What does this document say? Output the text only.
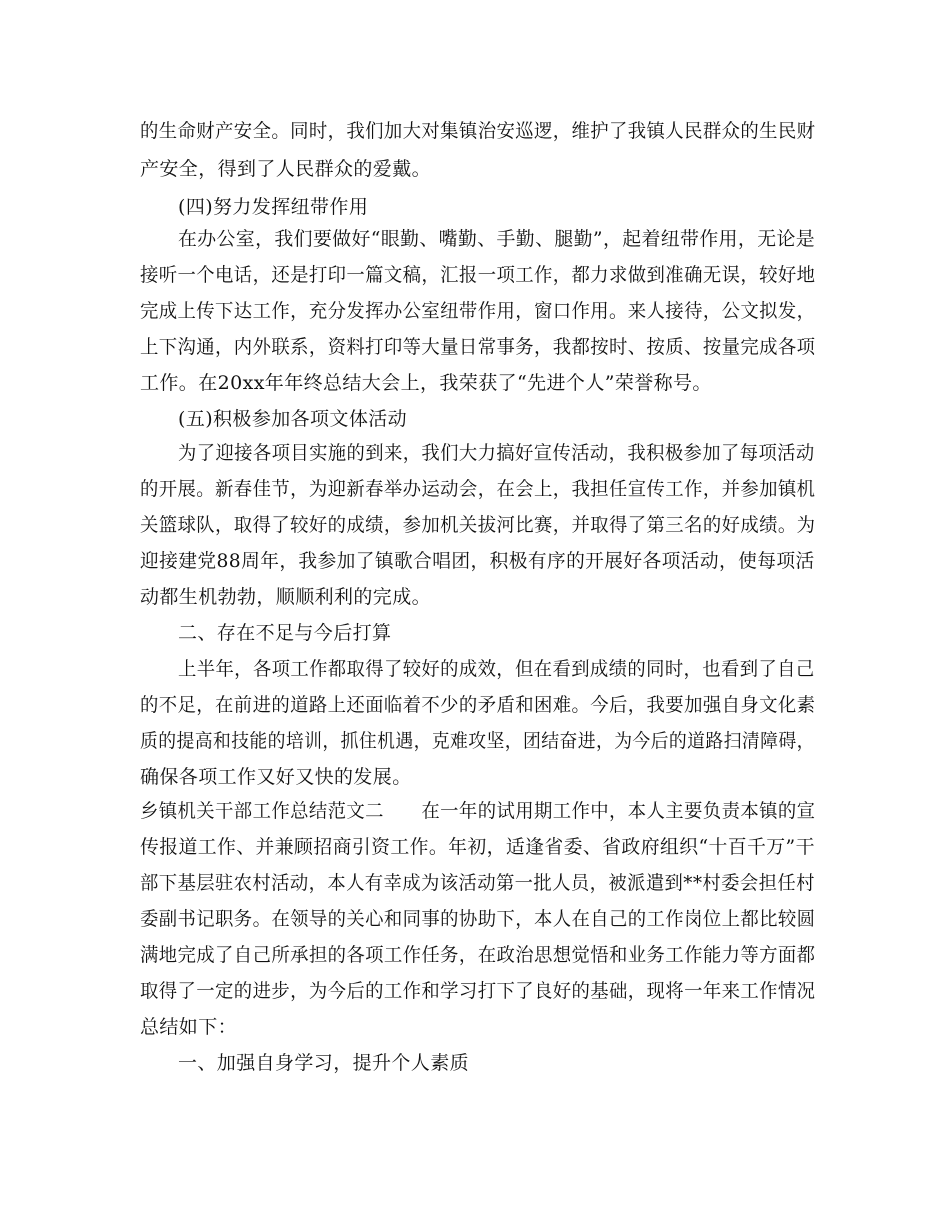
的生命财产安全。同时，我们加大对集镇治安巡逻，维护了我镇人民群众的生民财
产安全，得到了人民群众的爱戴。
(四)努力发挥纽带作用
在办公室，我们要做好“眼勤、嘴勤、手勤、腿勤”，起着纽带作用，无论是
接听一个电话，还是打印一篇文稿，汇报一项工作，都力求做到准确无误，较好地
完成上传下达工作，充分发挥办公室纽带作用，窗口作用。来人接待，公文拟发，
上下沟通，内外联系，资料打印等大量日常事务，我都按时、按质、按量完成各项
工作。在20xx年年终总结大会上，我荣获了“先进个人”荣誉称号。
(五)积极参加各项文体活动
为了迎接各项目实施的到来，我们大力搞好宣传活动，我积极参加了每项活动
的开展。新春佳节，为迎新春举办运动会，在会上，我担任宣传工作，并参加镇机
关篮球队，取得了较好的成绩，参加机关拔河比赛，并取得了第三名的好成绩。为
迎接建党88周年，我参加了镇歌合唱团，积极有序的开展好各项活动，使每项活
动都生机勃勃，顺顺利利的完成。
二、存在不足与今后打算
上半年，各项工作都取得了较好的成效，但在看到成绩的同时，也看到了自己
的不足，在前进的道路上还面临着不少的矛盾和困难。今后，我要加强自身文化素
质的提高和技能的培训，抓住机遇，克难攻坚，团结奋进，为今后的道路扫清障碍，
确保各项工作又好又快的发展。
乡镇机关干部工作总结范文二　　在一年的试用期工作中，本人主要负责本镇的宣
传报道工作、并兼顾招商引资工作。年初，适逢省委、省政府组织“十百千万”干
部下基层驻农村活动，本人有幸成为该活动第一批人员，被派遣到**村委会担任村
委副书记职务。在领导的关心和同事的协助下，本人在自己的工作岗位上都比较圆
满地完成了自己所承担的各项工作任务，在政治思想觉悟和业务工作能力等方面都
取得了一定的进步，为今后的工作和学习打下了良好的基础，现将一年来工作情况
总结如下：
一、加强自身学习，提升个人素质
